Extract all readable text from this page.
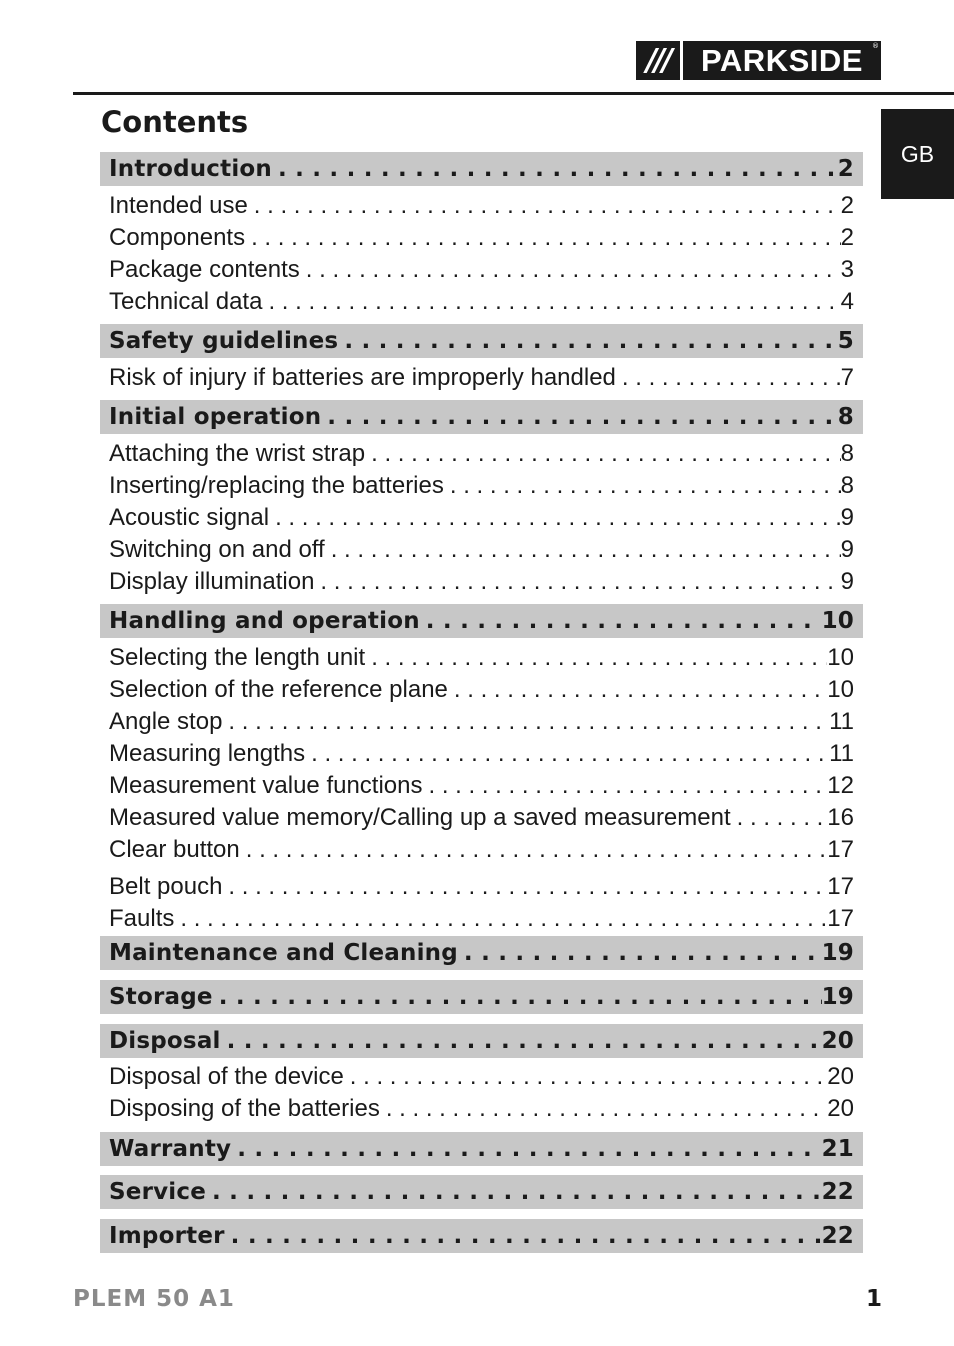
///	PARKSIDE	®
GB
Contents
Introduction . . .	2
Intended use . . .	2
Components . . .	2
Package contents . . .	3
Technical data . . .	4
Safety guidelines . . .	5
Risk of injury if batteries are improperly handled . . .	7
Initial operation . . .	8
Attaching the wrist strap . . .	8
Inserting/replacing the batteries . . .	8
Acoustic signal . . .	9
Switching on and off . . .	9
Display illumination . . .	9
Handling and operation . . .	10
Selecting the length unit . . .	10
Selection of the reference plane . . .	10
Angle stop . . .	11
Measuring lengths . . .	11
Measurement value functions . . .	12
Measured value memory/Calling up a saved measurement . . .	16
Clear button . . .	17
Belt pouch . . .	17
Faults . . .	17
Maintenance and Cleaning . . .	19
Storage . . .	19
Disposal . . .	20
Disposal of the device . . .	20
Disposing of the batteries . . .	20
Warranty . . .	21
Service . . .	22
Importer . . .	22
PLEM 50 A1	1
